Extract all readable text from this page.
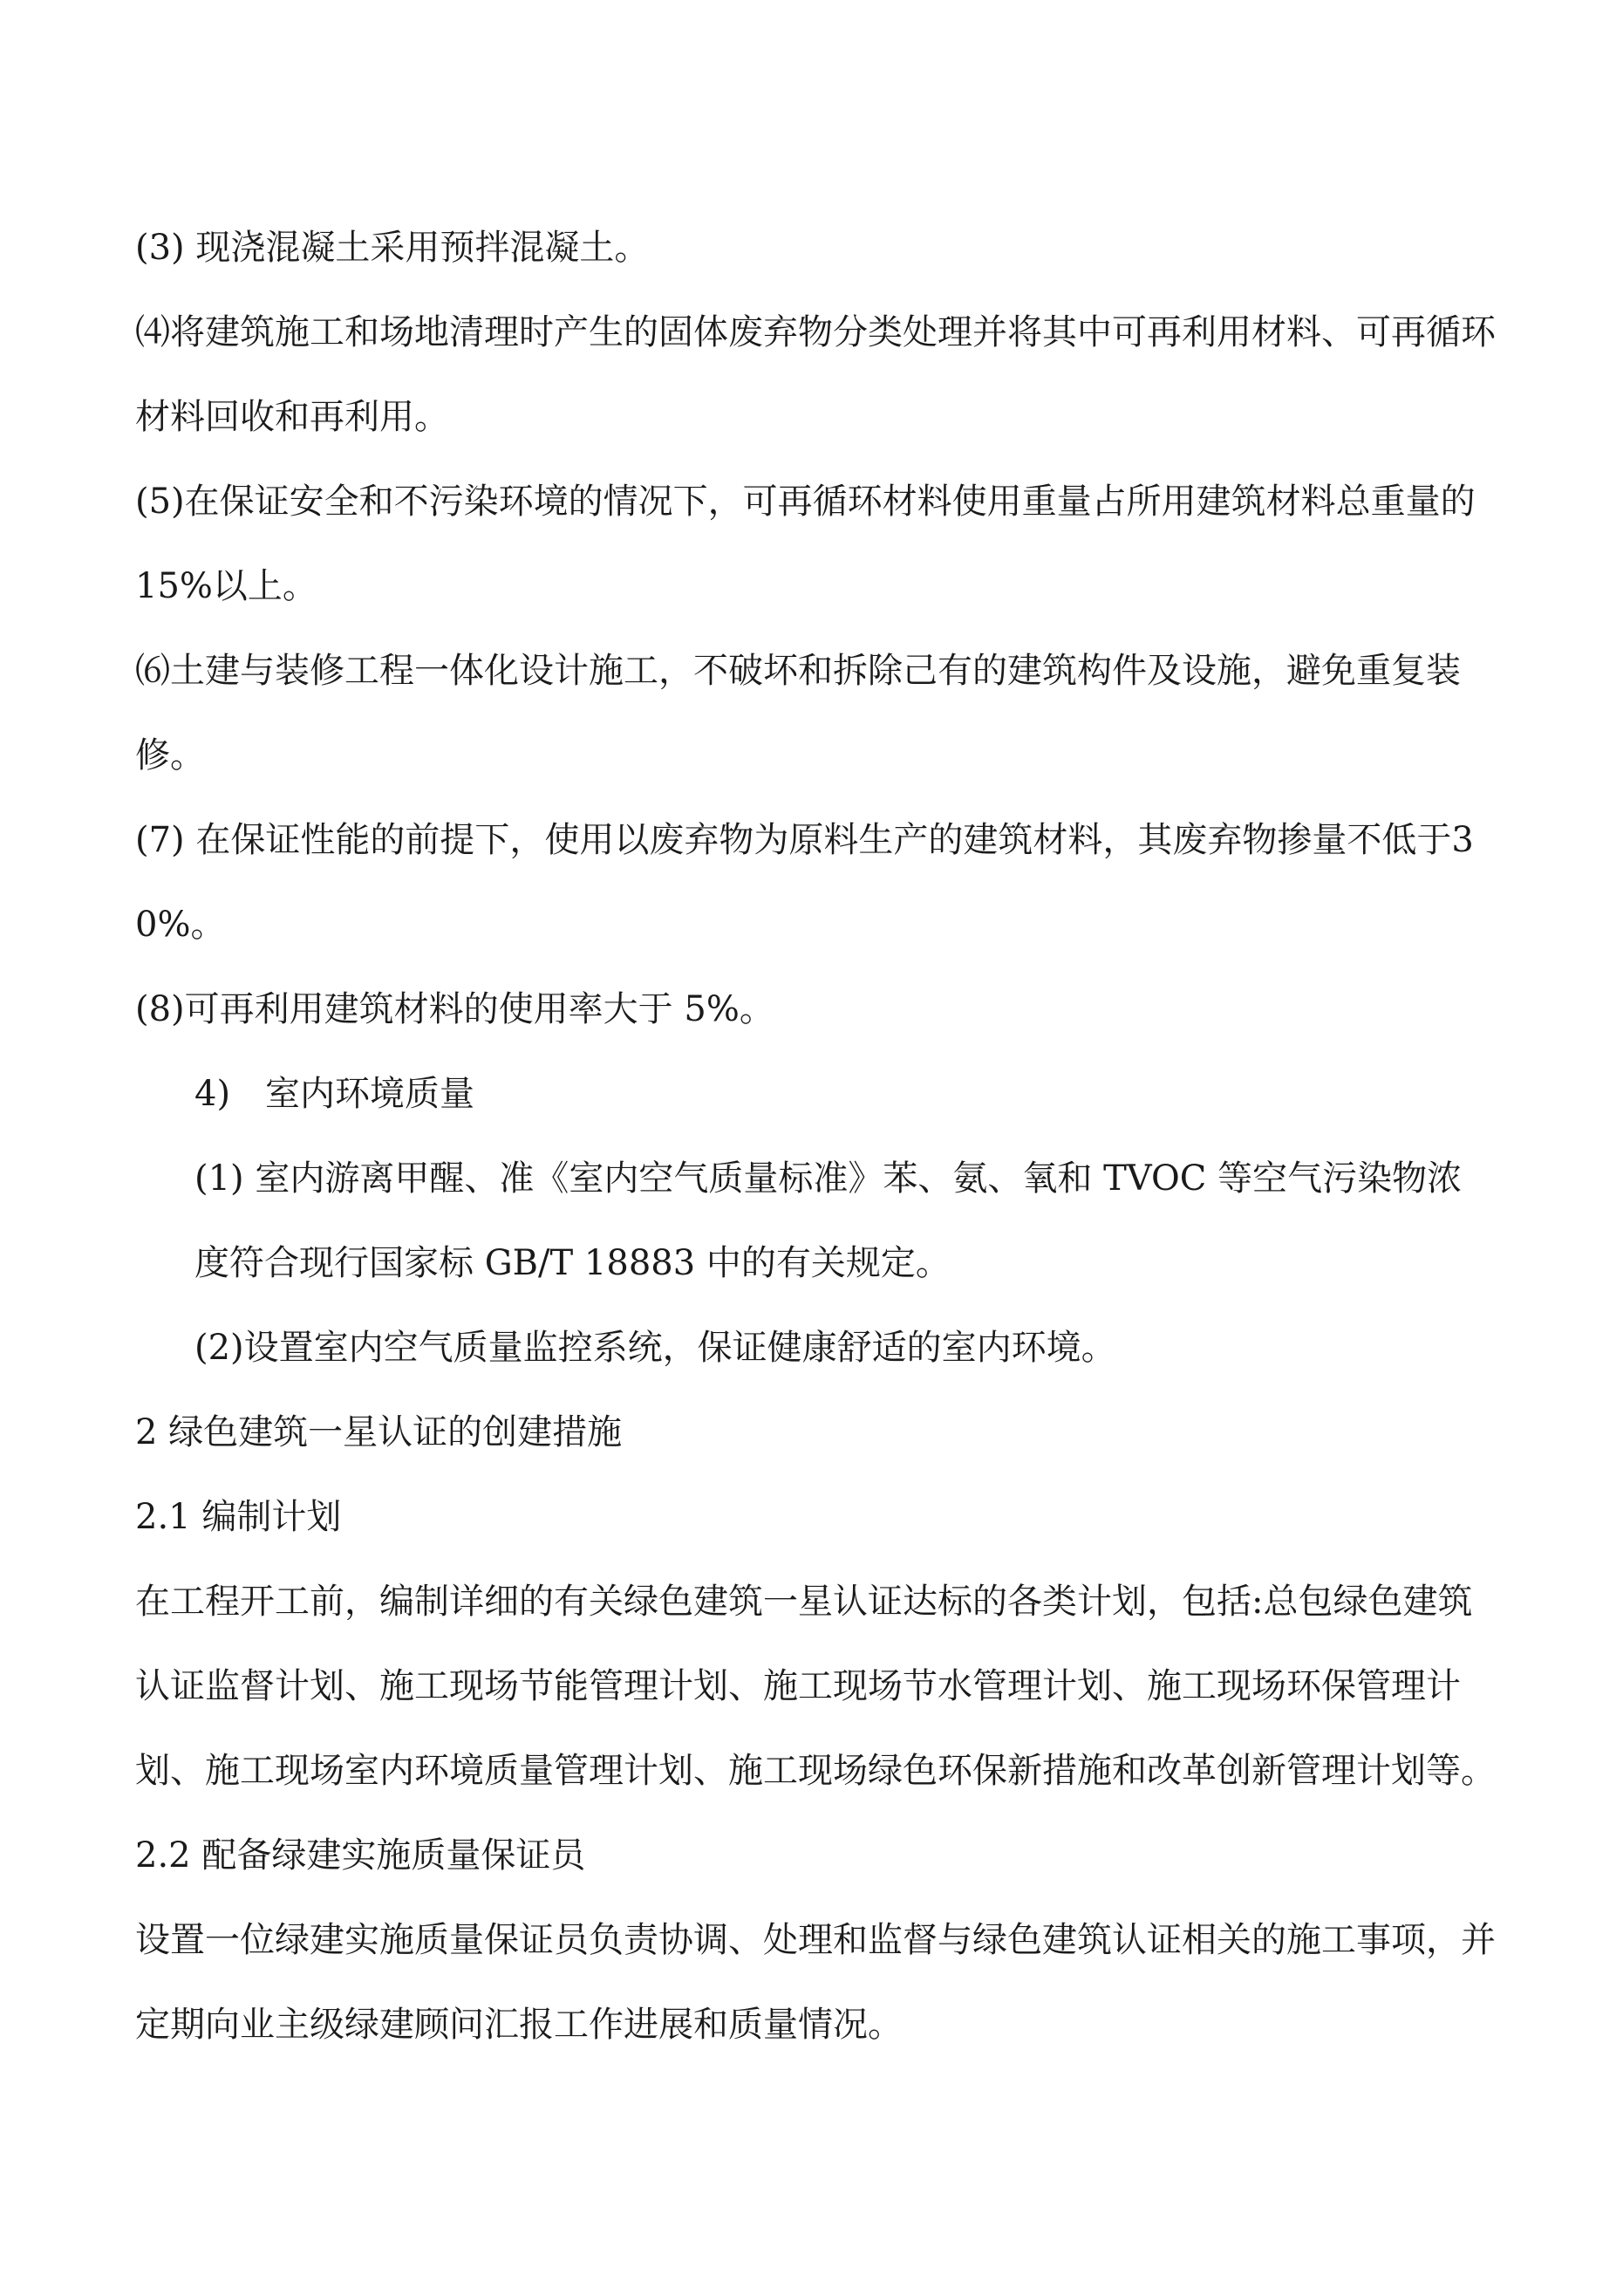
(3) 现浇混凝土采用预拌混凝土。

⑷将建筑施工和场地清理时产生的固体废弃物分类处理并将其中可再利用材料、可再循环材料回收和再利用。

(5)在保证安全和不污染环境的情况下，可再循环材料使用重量占所用建筑材料总重量的 15%以上。

⑹土建与装修工程一体化设计施工，不破坏和拆除己有的建筑构件及设施，避免重复装修。

(7) 在保证性能的前提下，使用以废弃物为原料生产的建筑材料，其废弃物掺量不低于30%。

(8)可再利用建筑材料的使用率大于 5%。

4)　室内环境质量

(1) 室内游离甲醒、准《室内空气质量标准》苯、氨、氧和 TVOC 等空气污染物浓度符合现行国家标 GB/T 18883 中的有关规定。

(2)设置室内空气质量监控系统，保证健康舒适的室内环境。

2 绿色建筑一星认证的创建措施

2.1 编制计划

在工程开工前，编制详细的有关绿色建筑一星认证达标的各类计划，包括:总包绿色建筑认证监督计划、施工现场节能管理计划、施工现场节水管理计划、施工现场环保管理计划、施工现场室内环境质量管理计划、施工现场绿色环保新措施和改革创新管理计划等。

2.2 配备绿建实施质量保证员

设置一位绿建实施质量保证员负责协调、处理和监督与绿色建筑认证相关的施工事项，并定期向业主级绿建顾问汇报工作进展和质量情况。
